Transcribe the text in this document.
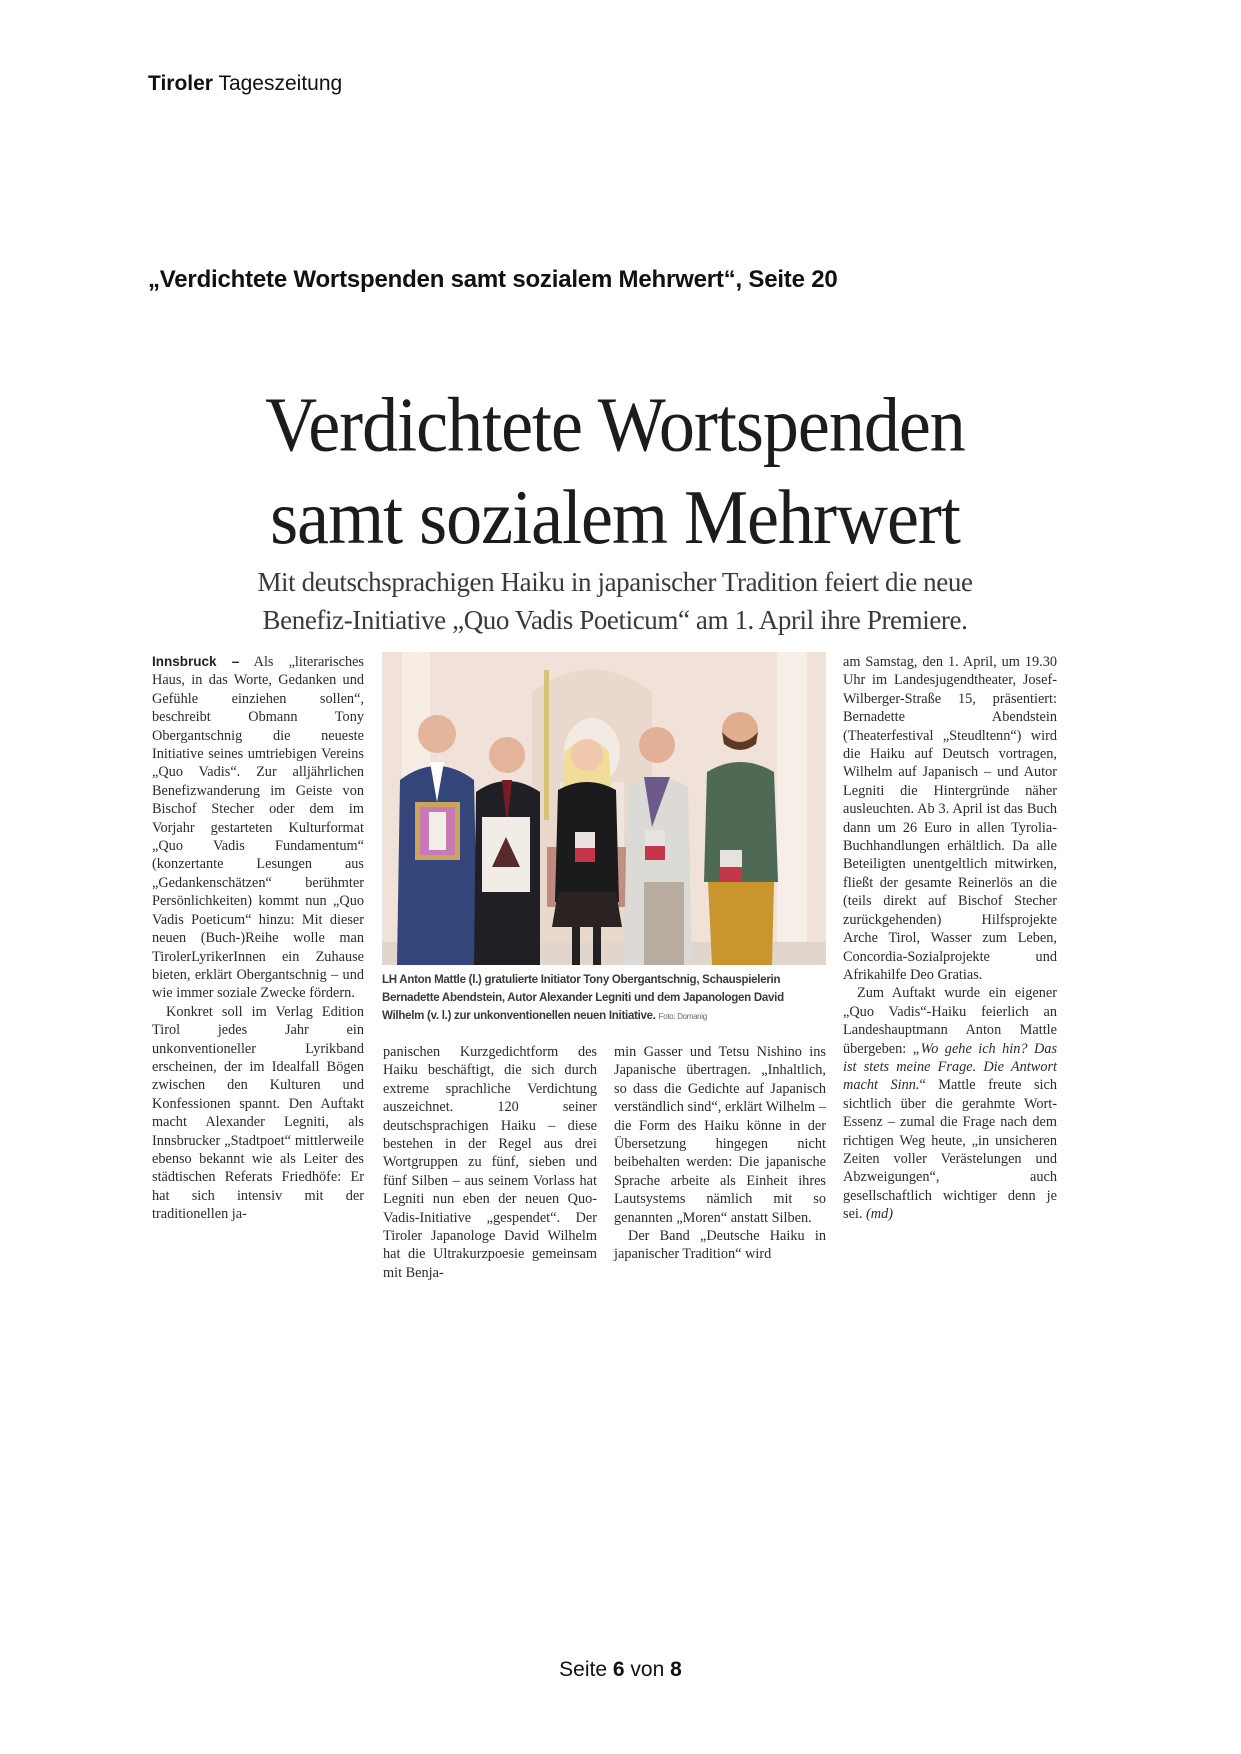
Tiroler Tageszeitung
„Verdichtete Wortspenden samt sozialem Mehrwert“, Seite 20
Verdichtete Wortspenden
samt sozialem Mehrwert
Mit deutschsprachigen Haiku in japanischer Tradition feiert die neue
Benefiz-Initiative „Quo Vadis Poeticum“ am 1. April ihre Premiere.

Innsbruck – Als „literarisches Haus, in das Worte, Gedanken und Gefühle einziehen sollen“, beschreibt Obmann Tony Obergantschnig die neueste Initiative seines umtriebigen Vereins „Quo Vadis“. Zur alljährlichen Benefizwanderung im Geiste von Bischof Stecher oder dem im Vorjahr gestarteten Kulturformat „Quo Vadis Fundamentum“ (konzertante Lesungen aus „Gedankenschätzen“ berühmter Persönlichkeiten) kommt nun „Quo Vadis Poeticum“ hinzu: Mit dieser neuen (Buch-)Reihe wolle man TirolerLyrikerInnen ein Zuhause bieten, erklärt Obergantschnig – und wie immer soziale Zwecke fördern.

Konkret soll im Verlag Edition Tirol jedes Jahr ein unkonventioneller Lyrikband erscheinen, der im Idealfall Bögen zwischen den Kulturen und Konfessionen spannt. Den Auftakt macht Alexander Legniti, als Innsbrucker „Stadtpoet“ mittlerweile ebenso bekannt wie als Leiter des städtischen Referats Friedhöfe: Er hat sich intensiv mit der traditionellen ja-

LH Anton Mattle (l.) gratulierte Initiator Tony Obergantschnig, Schauspielerin Bernadette Abendstein, Autor Alexander Legniti und dem Japanologen David Wilhelm (v. l.) zur unkonventionellen neuen Initiative. Foto: Domanig

panischen Kurzgedichtform des Haiku beschäftigt, die sich durch extreme sprachliche Verdichtung auszeichnet. 120 seiner deutschsprachigen Haiku – diese bestehen in der Regel aus drei Wortgruppen zu fünf, sieben und fünf Silben – aus seinem Vorlass hat Legniti nun eben der neuen Quo-Vadis-Initiative „gespendet“. Der Tiroler Japanologe David Wilhelm hat die Ultrakurzpoesie gemeinsam mit Benja-

min Gasser und Tetsu Nishino ins Japanische übertragen. „Inhaltlich, so dass die Gedichte auf Japanisch verständlich sind“, erklärt Wilhelm – die Form des Haiku könne in der Übersetzung hingegen nicht beibehalten werden: Die japanische Sprache arbeite als Einheit ihres Lautsystems nämlich mit so genannten „Moren“ anstatt Silben.

Der Band „Deutsche Haiku in japanischer Tradition“ wird

am Samstag, den 1. April, um 19.30 Uhr im Landesjugendtheater, Josef-Wilberger-Straße 15, präsentiert: Bernadette Abendstein (Theaterfestival „Steudltenn“) wird die Haiku auf Deutsch vortragen, Wilhelm auf Japanisch – und Autor Legniti die Hintergründe näher ausleuchten. Ab 3. April ist das Buch dann um 26 Euro in allen Tyrolia-Buchhandlungen erhältlich. Da alle Beteiligten unentgeltlich mitwirken, fließt der gesamte Reinerlös an die (teils direkt auf Bischof Stecher zurückgehenden) Hilfsprojekte Arche Tirol, Wasser zum Leben, Concordia-Sozialprojekte und Afrikahilfe Deo Gratias.

Zum Auftakt wurde ein eigener „Quo Vadis“-Haiku feierlich an Landeshauptmann Anton Mattle übergeben: „Wo gehe ich hin? Das ist stets meine Frage. Die Antwort macht Sinn.“ Mattle freute sich sichtlich über die gerahmte Wort-Essenz – zumal die Frage nach dem richtigen Weg heute, „in unsicheren Zeiten voller Verästelungen und Abzweigungen“, auch gesellschaftlich wichtiger denn je sei. (md)

Seite 6 von 8
